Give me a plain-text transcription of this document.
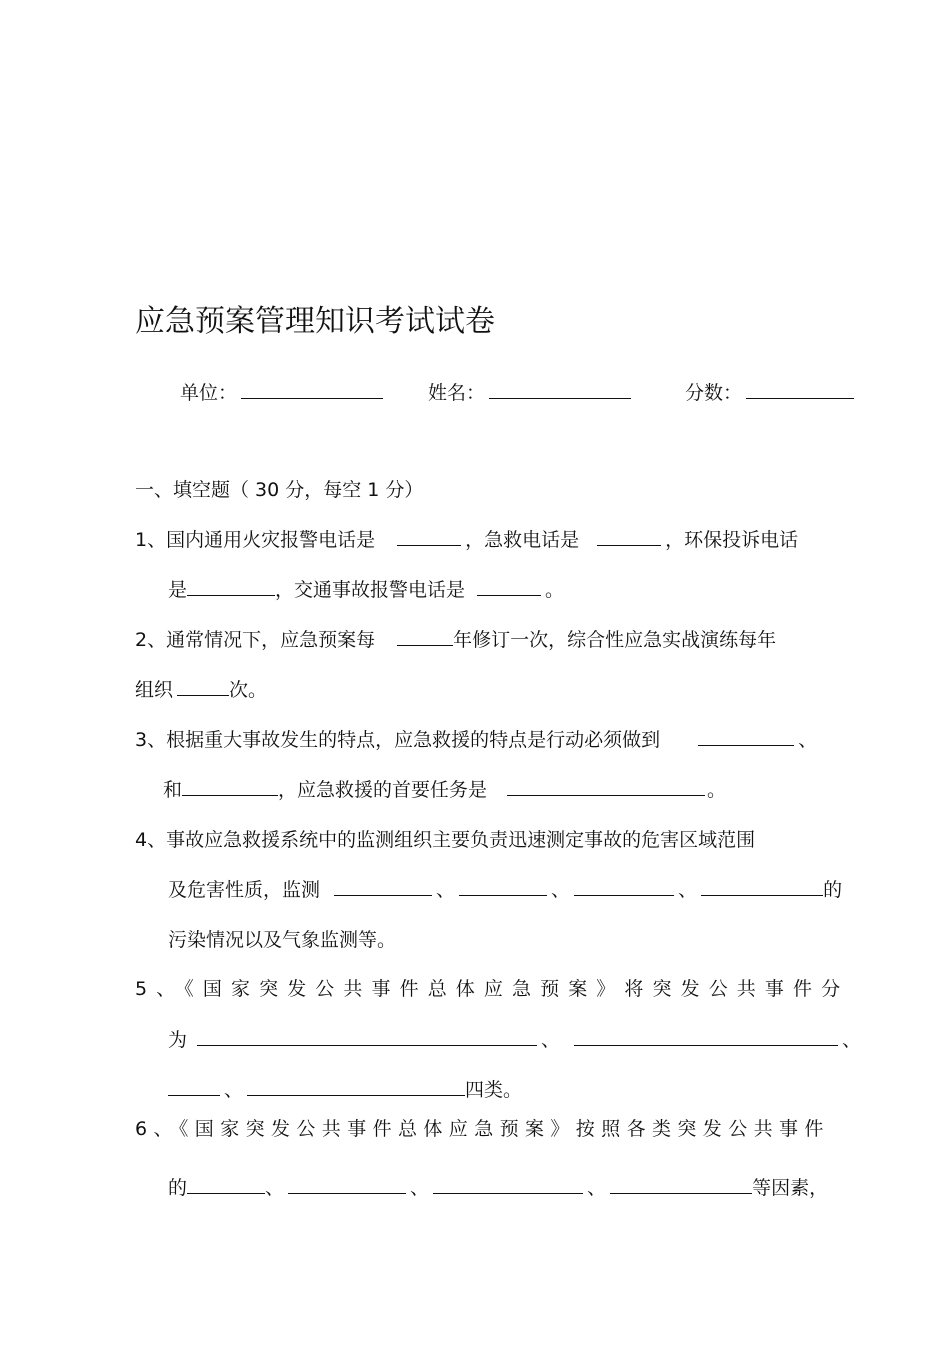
应急预案管理知识考试试卷
单位：	姓名：	分数：
一、填空题（ 30 分，每空 1 分）
1、国内通用火灾报警电话是	，急救电话是	，环保投诉电话
是	，交通事故报警电话是	。
2、通常情况下，应急预案每	年修订一次，综合性应急实战演练每年
组织	次。
3、根据重大事故发生的特点，应急救援的特点是行动必须做到	、
和	，应急救援的首要任务是	。
4、事故应急救援系统中的监测组织主要负责迅速测定事故的危害区域范围
及危害性质，监测	、	、	、	的
污染情况以及气象监测等。
5、《国家突发公共事件总体应急预案》将突发公共事件分
为	、	、
、	四类。
6、《国家突发公共事件总体应急预案》按照各类突发公共事件
的	、	、	、	等因素，
